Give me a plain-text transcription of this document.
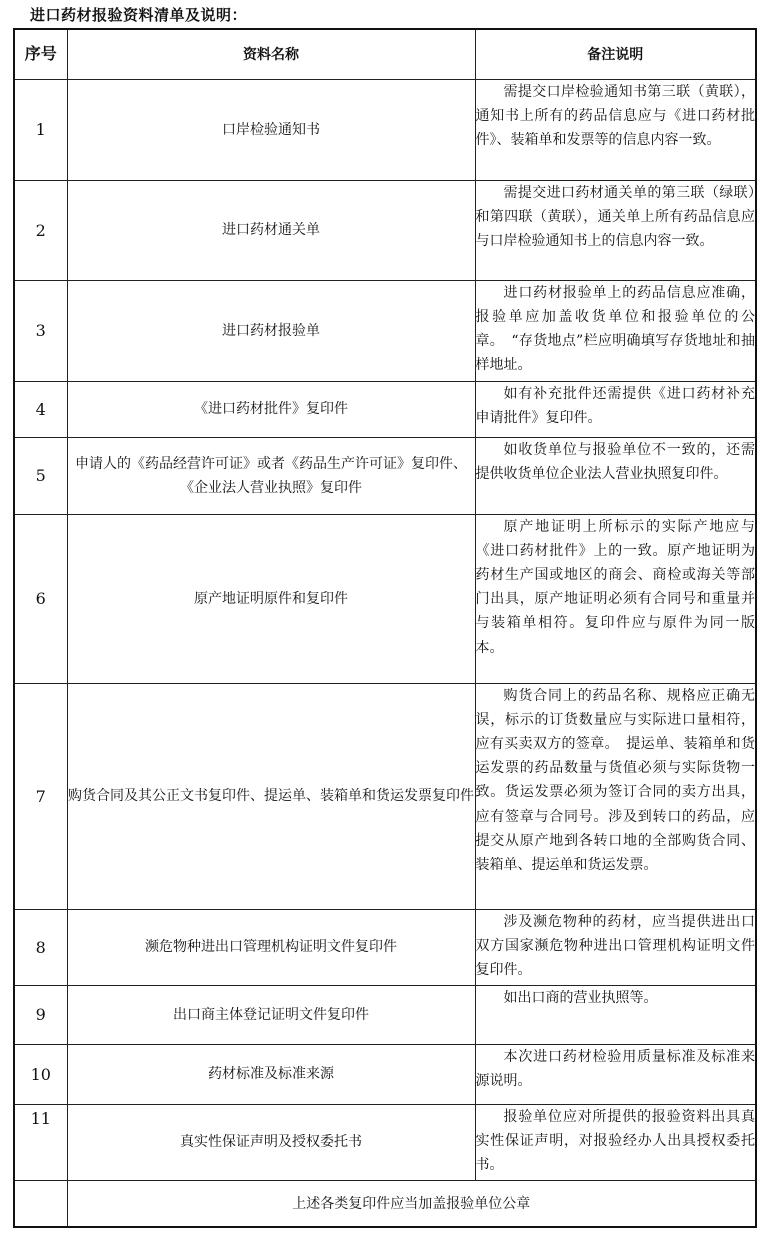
进口药材报验资料清单及说明：
序号	资料名称	备注说明
1	口岸检验通知书	需提交口岸检验通知书第三联（黄联），通知书上所有的药品信息应与《进口药材批件》、装箱单和发票等的信息内容一致。

2	进口药材通关单	需提交进口药材通关单的第三联（绿联）和第四联（黄联），通关单上所有药品信息应与口岸检验通知书上的信息内容一致。

3	进口药材报验单	进口药材报验单上的药品信息应准确，报验单应加盖收货单位和报验单位的公章。　“存货地点”栏应明确填写存货地址和抽样地址。

4	《进口药材批件》复印件	如有补充批件还需提供《进口药材补充申请批件》复印件。

5	申请人的《药品经营许可证》或者《药品生产许可证》复印件、《企业法人营业执照》复印件	如收货单位与报验单位不一致的，还需提供收货单位企业法人营业执照复印件。

6	原产地证明原件和复印件	原产地证明上所标示的实际产地应与《进口药材批件》上的一致。原产地证明为药材生产国或地区的商会、商检或海关等部门出具，原产地证明必须有合同号和重量并与装箱单相符。复印件应与原件为同一版本。

7	购货合同及其公正文书复印件、提运单、装箱单和货运发票复印件	购货合同上的药品名称、规格应正确无误，标示的订货数量应与实际进口量相符，应有买卖双方的签章。　提运单、装箱单和货运发票的药品数量与货值必须与实际货物一致。货运发票必须为签订合同的卖方出具，应有签章与合同号。涉及到转口的药品，应提交从原产地到各转口地的全部购货合同、装箱单、提运单和货运发票。

8	濒危物种进出口管理机构证明文件复印件	涉及濒危物种的药材，应当提供进出口双方国家濒危物种进出口管理机构证明文件复印件。

9	出口商主体登记证明文件复印件	如出口商的营业执照等。

10	药材标准及标准来源	本次进口药材检验用质量标准及标准来源说明。

11	真实性保证声明及授权委托书	报验单位应对所提供的报验资料出具真实性保证声明，对报验经办人出具授权委托书。

	上述各类复印件应当加盖报验单位公章	
